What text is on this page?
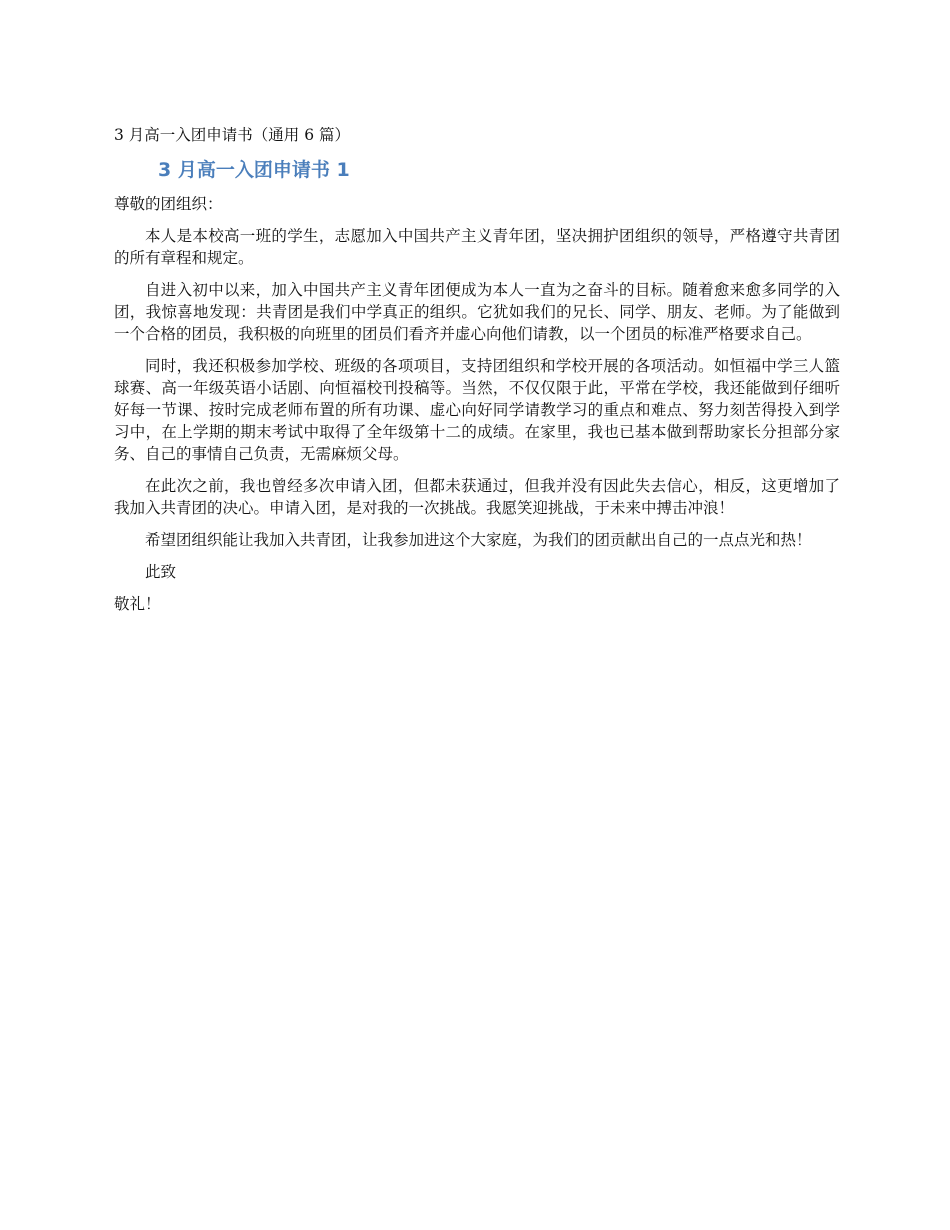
3 月高一入团申请书（通用 6 篇）
3 月高一入团申请书 1
尊敬的团组织：

本人是本校高一班的学生，志愿加入中国共产主义青年团，坚决拥护团组织的领导，严格遵守共青团的所有章程和规定。

自进入初中以来，加入中国共产主义青年团便成为本人一直为之奋斗的目标。随着愈来愈多同学的入团，我惊喜地发现：共青团是我们中学真正的组织。它犹如我们的兄长、同学、朋友、老师。为了能做到一个合格的团员，我积极的向班里的团员们看齐并虚心向他们请教，以一个团员的标准严格要求自己。

同时，我还积极参加学校、班级的各项项目，支持团组织和学校开展的各项活动。如恒福中学三人篮球赛、高一年级英语小话剧、向恒福校刊投稿等。当然，不仅仅限于此，平常在学校，我还能做到仔细听好每一节课、按时完成老师布置的所有功课、虚心向好同学请教学习的重点和难点、努力刻苦得投入到学习中，在上学期的期末考试中取得了全年级第十二的成绩。在家里，我也已基本做到帮助家长分担部分家务、自己的事情自己负责，无需麻烦父母。

在此次之前，我也曾经多次申请入团，但都未获通过，但我并没有因此失去信心，相反，这更增加了我加入共青团的决心。申请入团，是对我的一次挑战。我愿笑迎挑战，于未来中搏击冲浪！

希望团组织能让我加入共青团，让我参加进这个大家庭，为我们的团贡献出自己的一点点光和热！

此致
敬礼！
